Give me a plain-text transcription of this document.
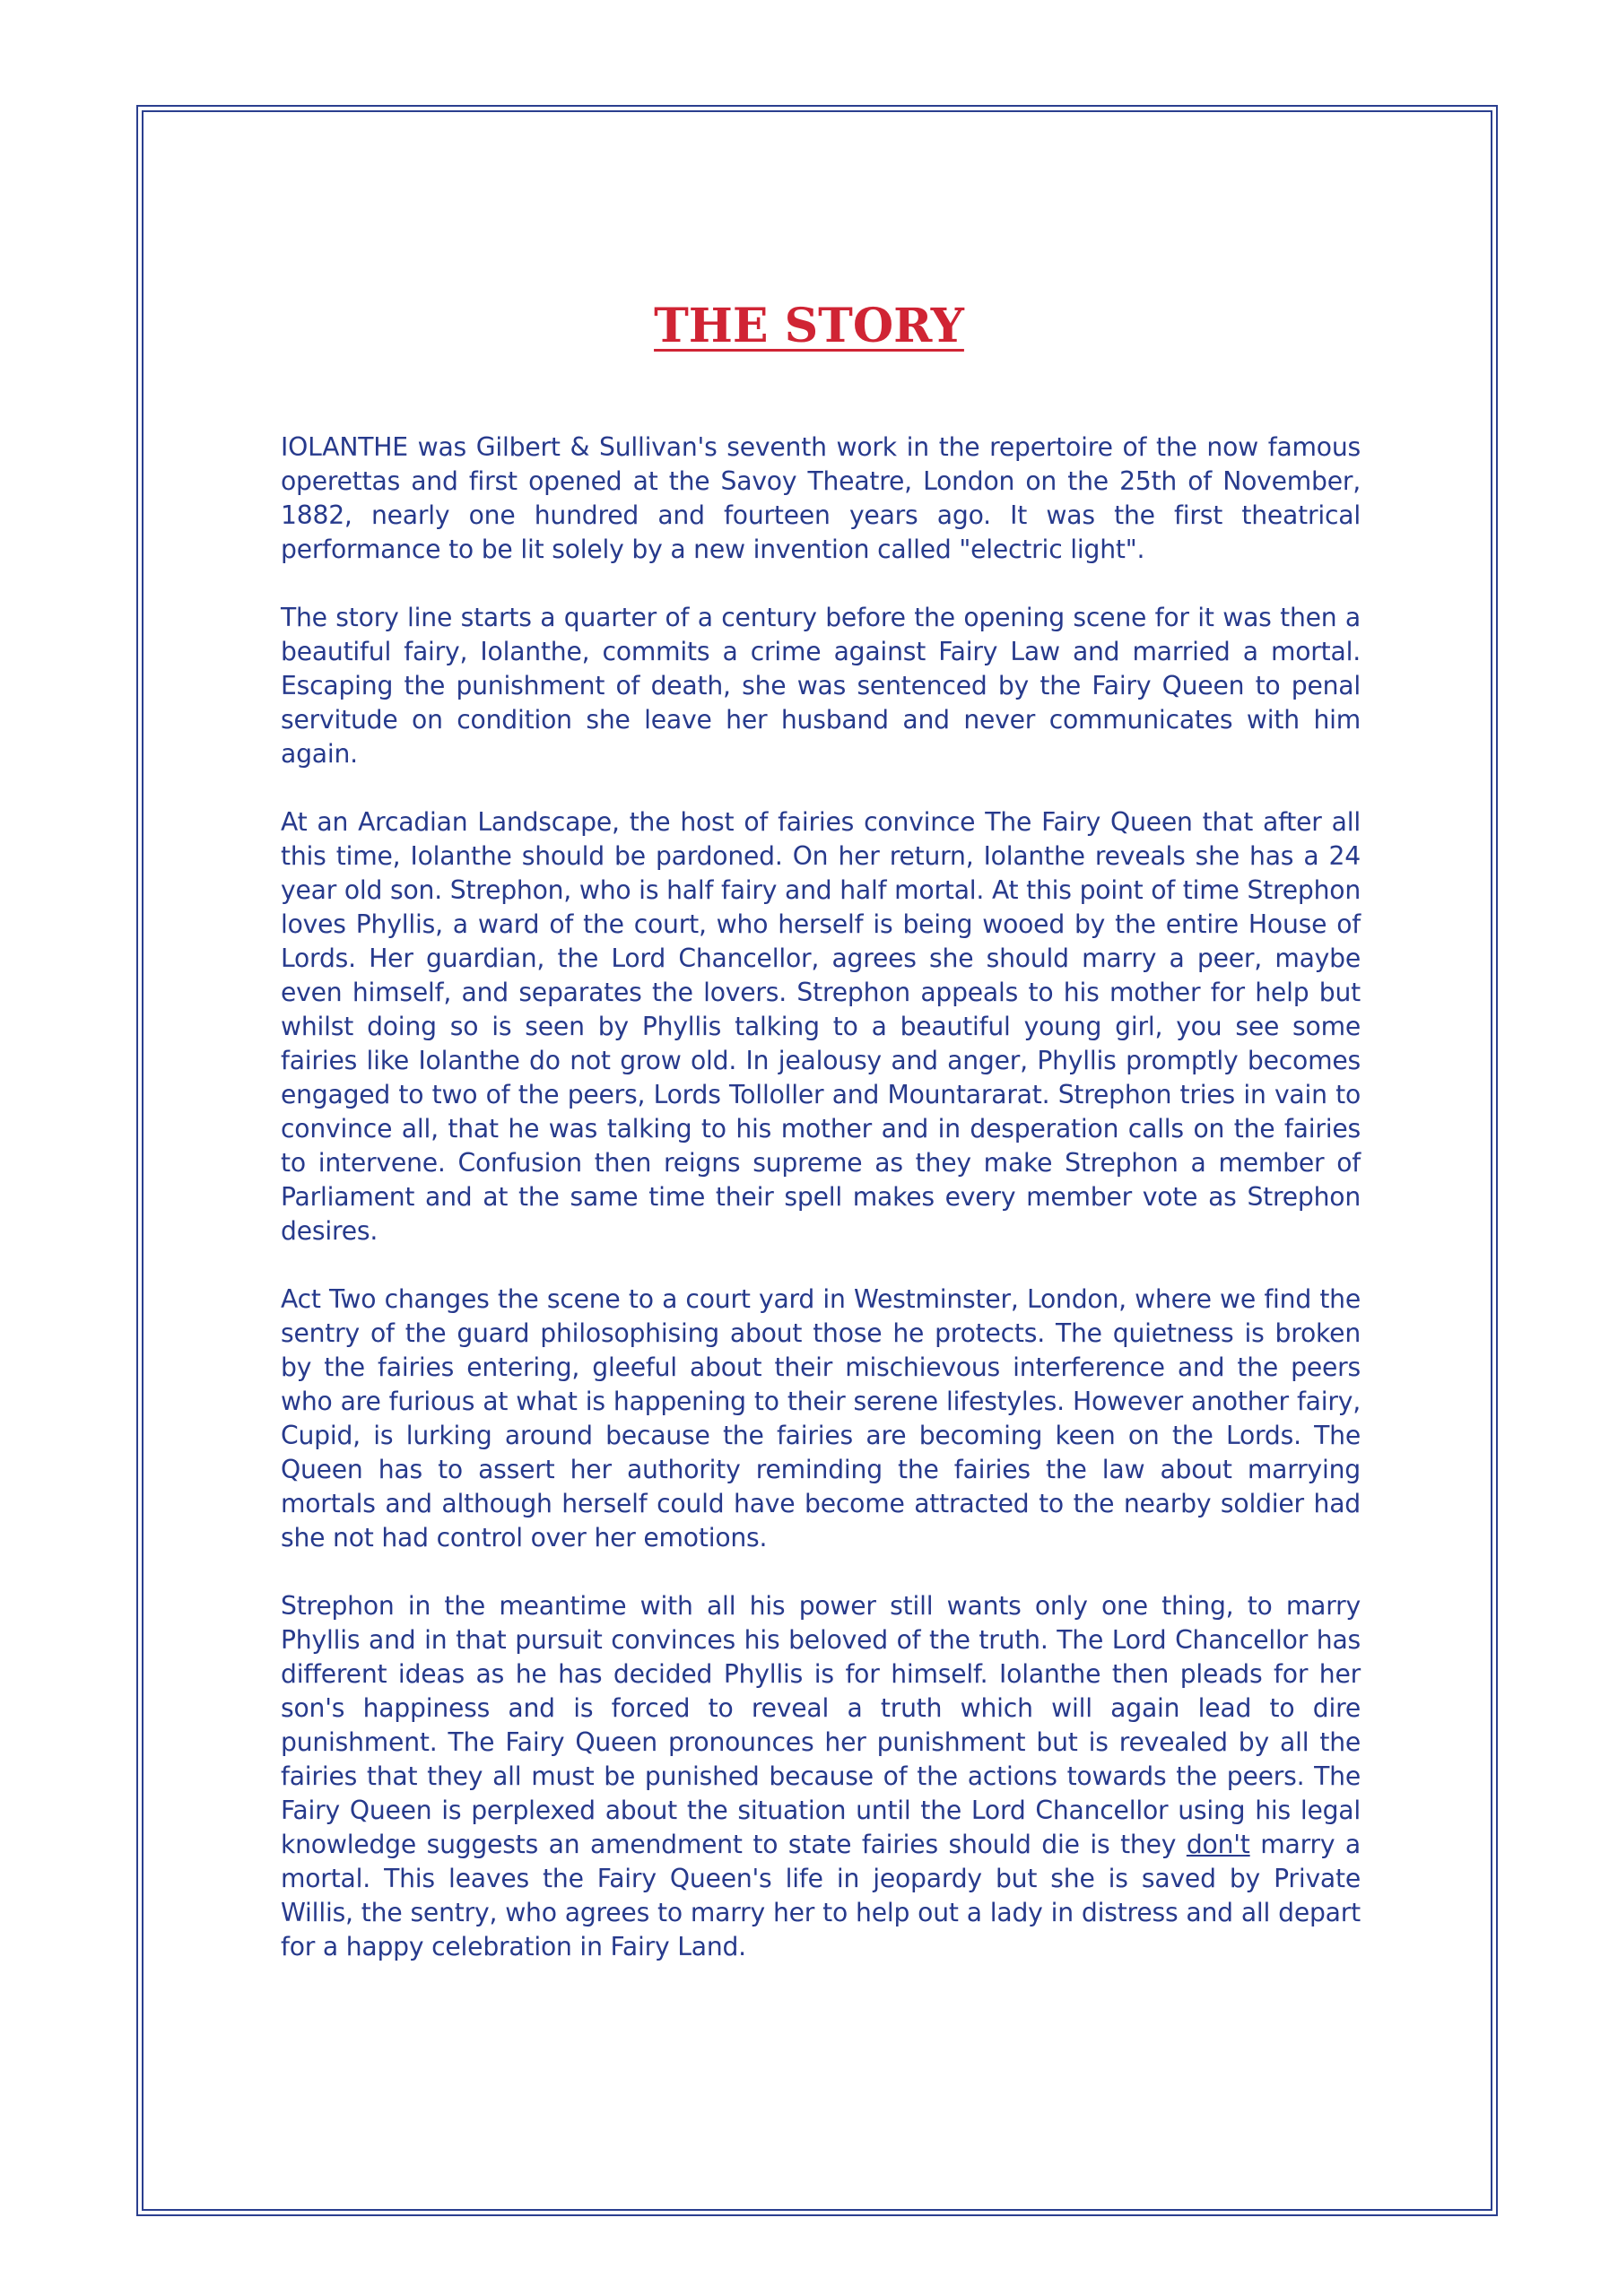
THE STORY

IOLANTHE was Gilbert & Sullivan's seventh work in the repertoire of the now famous operettas and first opened at the Savoy Theatre, London on the 25th of November, 1882, nearly one hundred and fourteen years ago. It was the first theatrical performance to be lit solely by a new invention called "electric light".

The story line starts a quarter of a century before the opening scene for it was then a beautiful fairy, Iolanthe, commits a crime against Fairy Law and married a mortal. Escaping the punishment of death, she was sentenced by the Fairy Queen to penal servitude on condition she leave her husband and never communicates with him again.

At an Arcadian Landscape, the host of fairies convince The Fairy Queen that after all this time, Iolanthe should be pardoned. On her return, Iolanthe reveals she has a 24 year old son. Strephon, who is half fairy and half mortal. At this point of time Strephon loves Phyllis, a ward of the court, who herself is being wooed by the entire House of Lords. Her guardian, the Lord Chancellor, agrees she should marry a peer, maybe even himself, and separates the lovers. Strephon appeals to his mother for help but whilst doing so is seen by Phyllis talking to a beautiful young girl, you see some fairies like Iolanthe do not grow old. In jealousy and anger, Phyllis promptly becomes engaged to two of the peers, Lords Tolloller and Mountararat. Strephon tries in vain to convince all, that he was talking to his mother and in desperation calls on the fairies to intervene. Confusion then reigns supreme as they make Strephon a member of Parliament and at the same time their spell makes every member vote as Strephon desires.

Act Two changes the scene to a court yard in Westminster, London, where we find the sentry of the guard philosophising about those he protects. The quietness is broken by the fairies entering, gleeful about their mischievous interference and the peers who are furious at what is happening to their serene lifestyles. However another fairy, Cupid, is lurking around because the fairies are becoming keen on the Lords. The Queen has to assert her authority reminding the fairies the law about marrying mortals and although herself could have become attracted to the nearby soldier had she not had control over her emotions.

Strephon in the meantime with all his power still wants only one thing, to marry Phyllis and in that pursuit convinces his beloved of the truth. The Lord Chancellor has different ideas as he has decided Phyllis is for himself. Iolanthe then pleads for her son's happiness and is forced to reveal a truth which will again lead to dire punishment. The Fairy Queen pronounces her punishment but is revealed by all the fairies that they all must be punished because of the actions towards the peers. The Fairy Queen is perplexed about the situation until the Lord Chancellor using his legal knowledge suggests an amendment to state fairies should die is they don't marry a mortal. This leaves the Fairy Queen's life in jeopardy but she is saved by Private Willis, the sentry, who agrees to marry her to help out a lady in distress and all depart for a happy celebration in Fairy Land.
